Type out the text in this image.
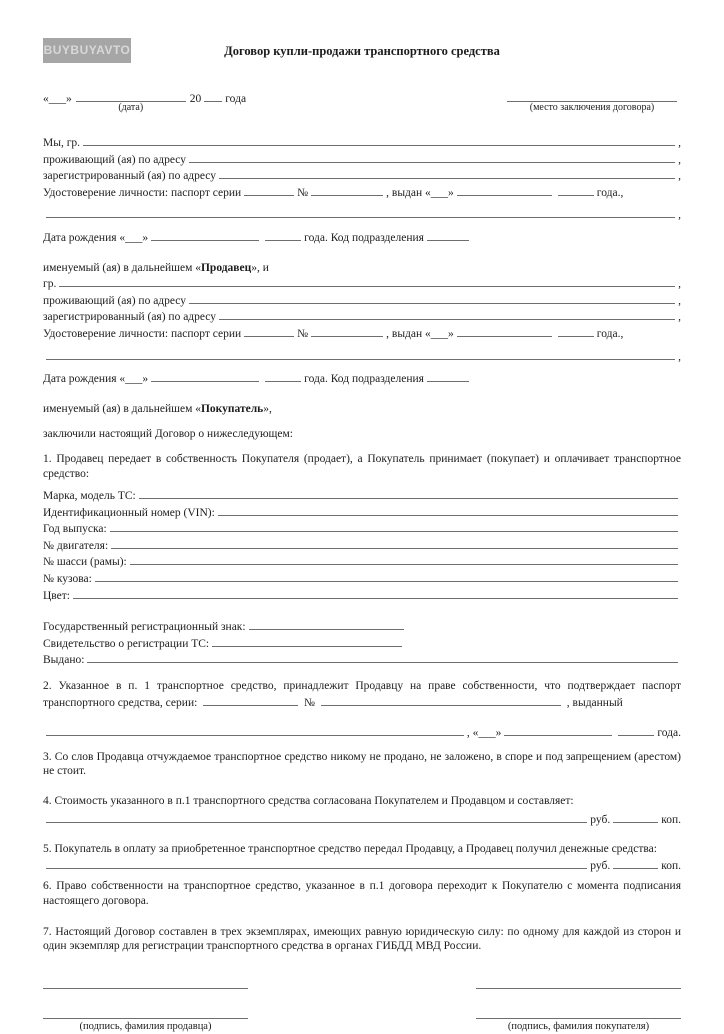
BUYBUYAVTO	Договор купли-продажи транспортного средства
«___»
(дата)
20 года
(место заключения договора)
Мы, гр.	,
проживающий (ая) по адресу	,
зарегистрированный (ая) по адресу	,
Удостоверение личности: паспорт серии	№	, выдан «___»	года.,
,
Дата рождения «___»	года. Код подразделения
именуемый (ая) в дальнейшем «Продавец», и
гр.	,
проживающий (ая) по адресу	,
зарегистрированный (ая) по адресу	,
Удостоверение личности: паспорт серии	№	, выдан «___»	года.,
,
Дата рождения «___»	года. Код подразделения
именуемый (ая) в дальнейшем «Покупатель»,
заключили настоящий Договор о нижеследующем:
1. Продавец передает в собственность Покупателя (продает), а Покупатель принимает (покупает) и оплачивает транспортное средство:
Марка, модель ТС:
Идентификационный номер (VIN):
Год выпуска:
№ двигателя:
№ шасси (рамы):
№ кузова:
Цвет:
Государственный регистрационный знак:
Свидетельство о регистрации ТС:
Выдано:
2. Указанное в п. 1 транспортное средство, принадлежит Продавцу на праве собственности, что подтверждает паспорт транспортного средства, серии:	№	, выданный
, «___»	года.
3. Со слов Продавца отчуждаемое транспортное средство никому не продано, не заложено, в споре и под запрещением (арестом) не стоит.
4. Стоимость указанного в п.1 транспортного средства согласована Покупателем и Продавцом и составляет:
руб.	коп.
5. Покупатель в оплату за приобретенное транспортное средство передал Продавцу, а Продавец получил денежные средства:
руб.	коп.
6. Право собственности на транспортное средство, указанное в п.1 договора переходит к Покупателю с момента подписания настоящего договора.
7. Настоящий Договор составлен в трех экземплярах, имеющих равную юридическую силу: по одному для каждой из сторон и один экземпляр для регистрации транспортного средства в органах ГИБДД МВД России.
(подпись, фамилия продавца)	(подпись, фамилия покупателя)
